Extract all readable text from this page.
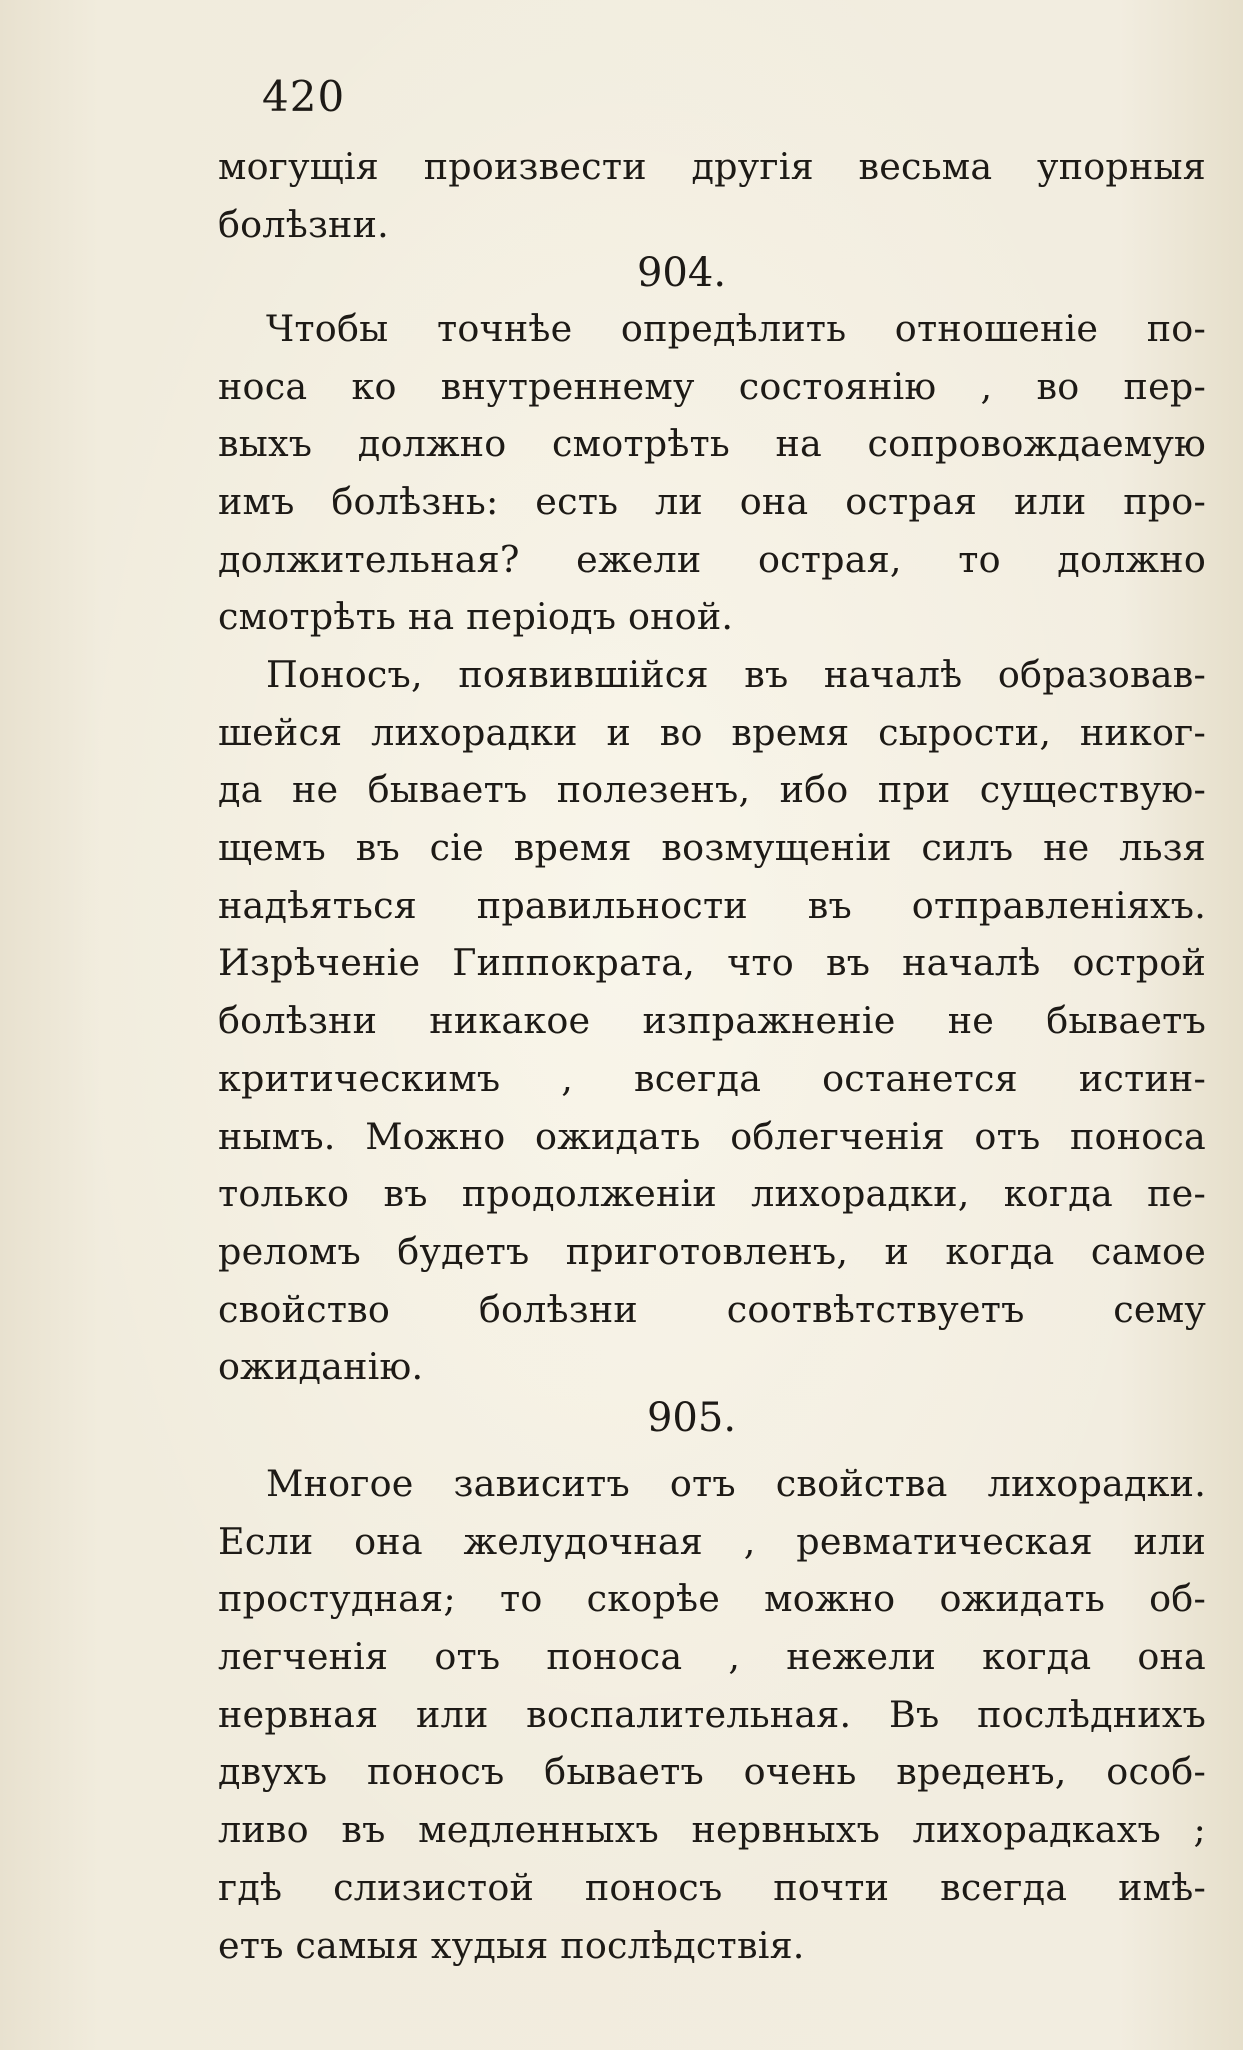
420
могущія произвести другія весьма упорныя
болѣзни.
904.
Чтобы точнѣе опредѣлить отношеніе по-
носа ко внутреннему состоянію , во пер-
выхъ должно смотрѣть на сопровождаемую
имъ болѣзнь: есть ли она острая или про-
должительная? ежели острая, то должно
смотрѣть на періодъ оной.
Поносъ, появившійся въ началѣ образовав-
шейся лихорадки и во время сырости, никог-
да не бываетъ полезенъ, ибо при существую-
щемъ въ сіе время возмущеніи силъ не льзя
надѣяться правильности въ отправленіяхъ.
Изрѣченіе Гиппократа, что въ началѣ острой
болѣзни никакое изпражненіе не бываетъ
критическимъ , всегда останется истин-
нымъ. Можно ожидать облегченія отъ поноса
только въ продолженіи лихорадки, когда пе-
реломъ будетъ приготовленъ, и когда самое
свойство болѣзни соотвѣтствуетъ сему
ожиданію.
905.
Многое зависитъ отъ свойства лихорадки.
Если она желудочная , ревматическая или
простудная; то скорѣе можно ожидать об-
легченія отъ поноса , нежели когда она
нервная или воспалительная. Въ послѣднихъ
двухъ поносъ бываетъ очень вреденъ, особ-
ливо въ медленныхъ нервныхъ лихорадкахъ ;
гдѣ слизистой поносъ почти всегда имѣ-
етъ самыя худыя послѣдствія.
